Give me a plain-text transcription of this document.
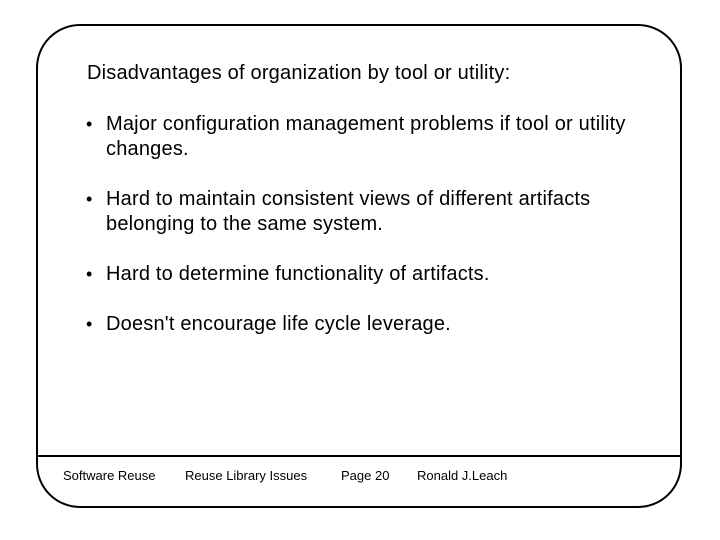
Disadvantages of organization by tool or utility:
• Major configuration management problems if tool or utility changes.
• Hard to maintain consistent views of different artifacts belonging to the same system.
• Hard to determine functionality of artifacts.
• Doesn't encourage life cycle leverage.
Software Reuse Reuse Library Issues	Page 20 Ronald J.Leach
